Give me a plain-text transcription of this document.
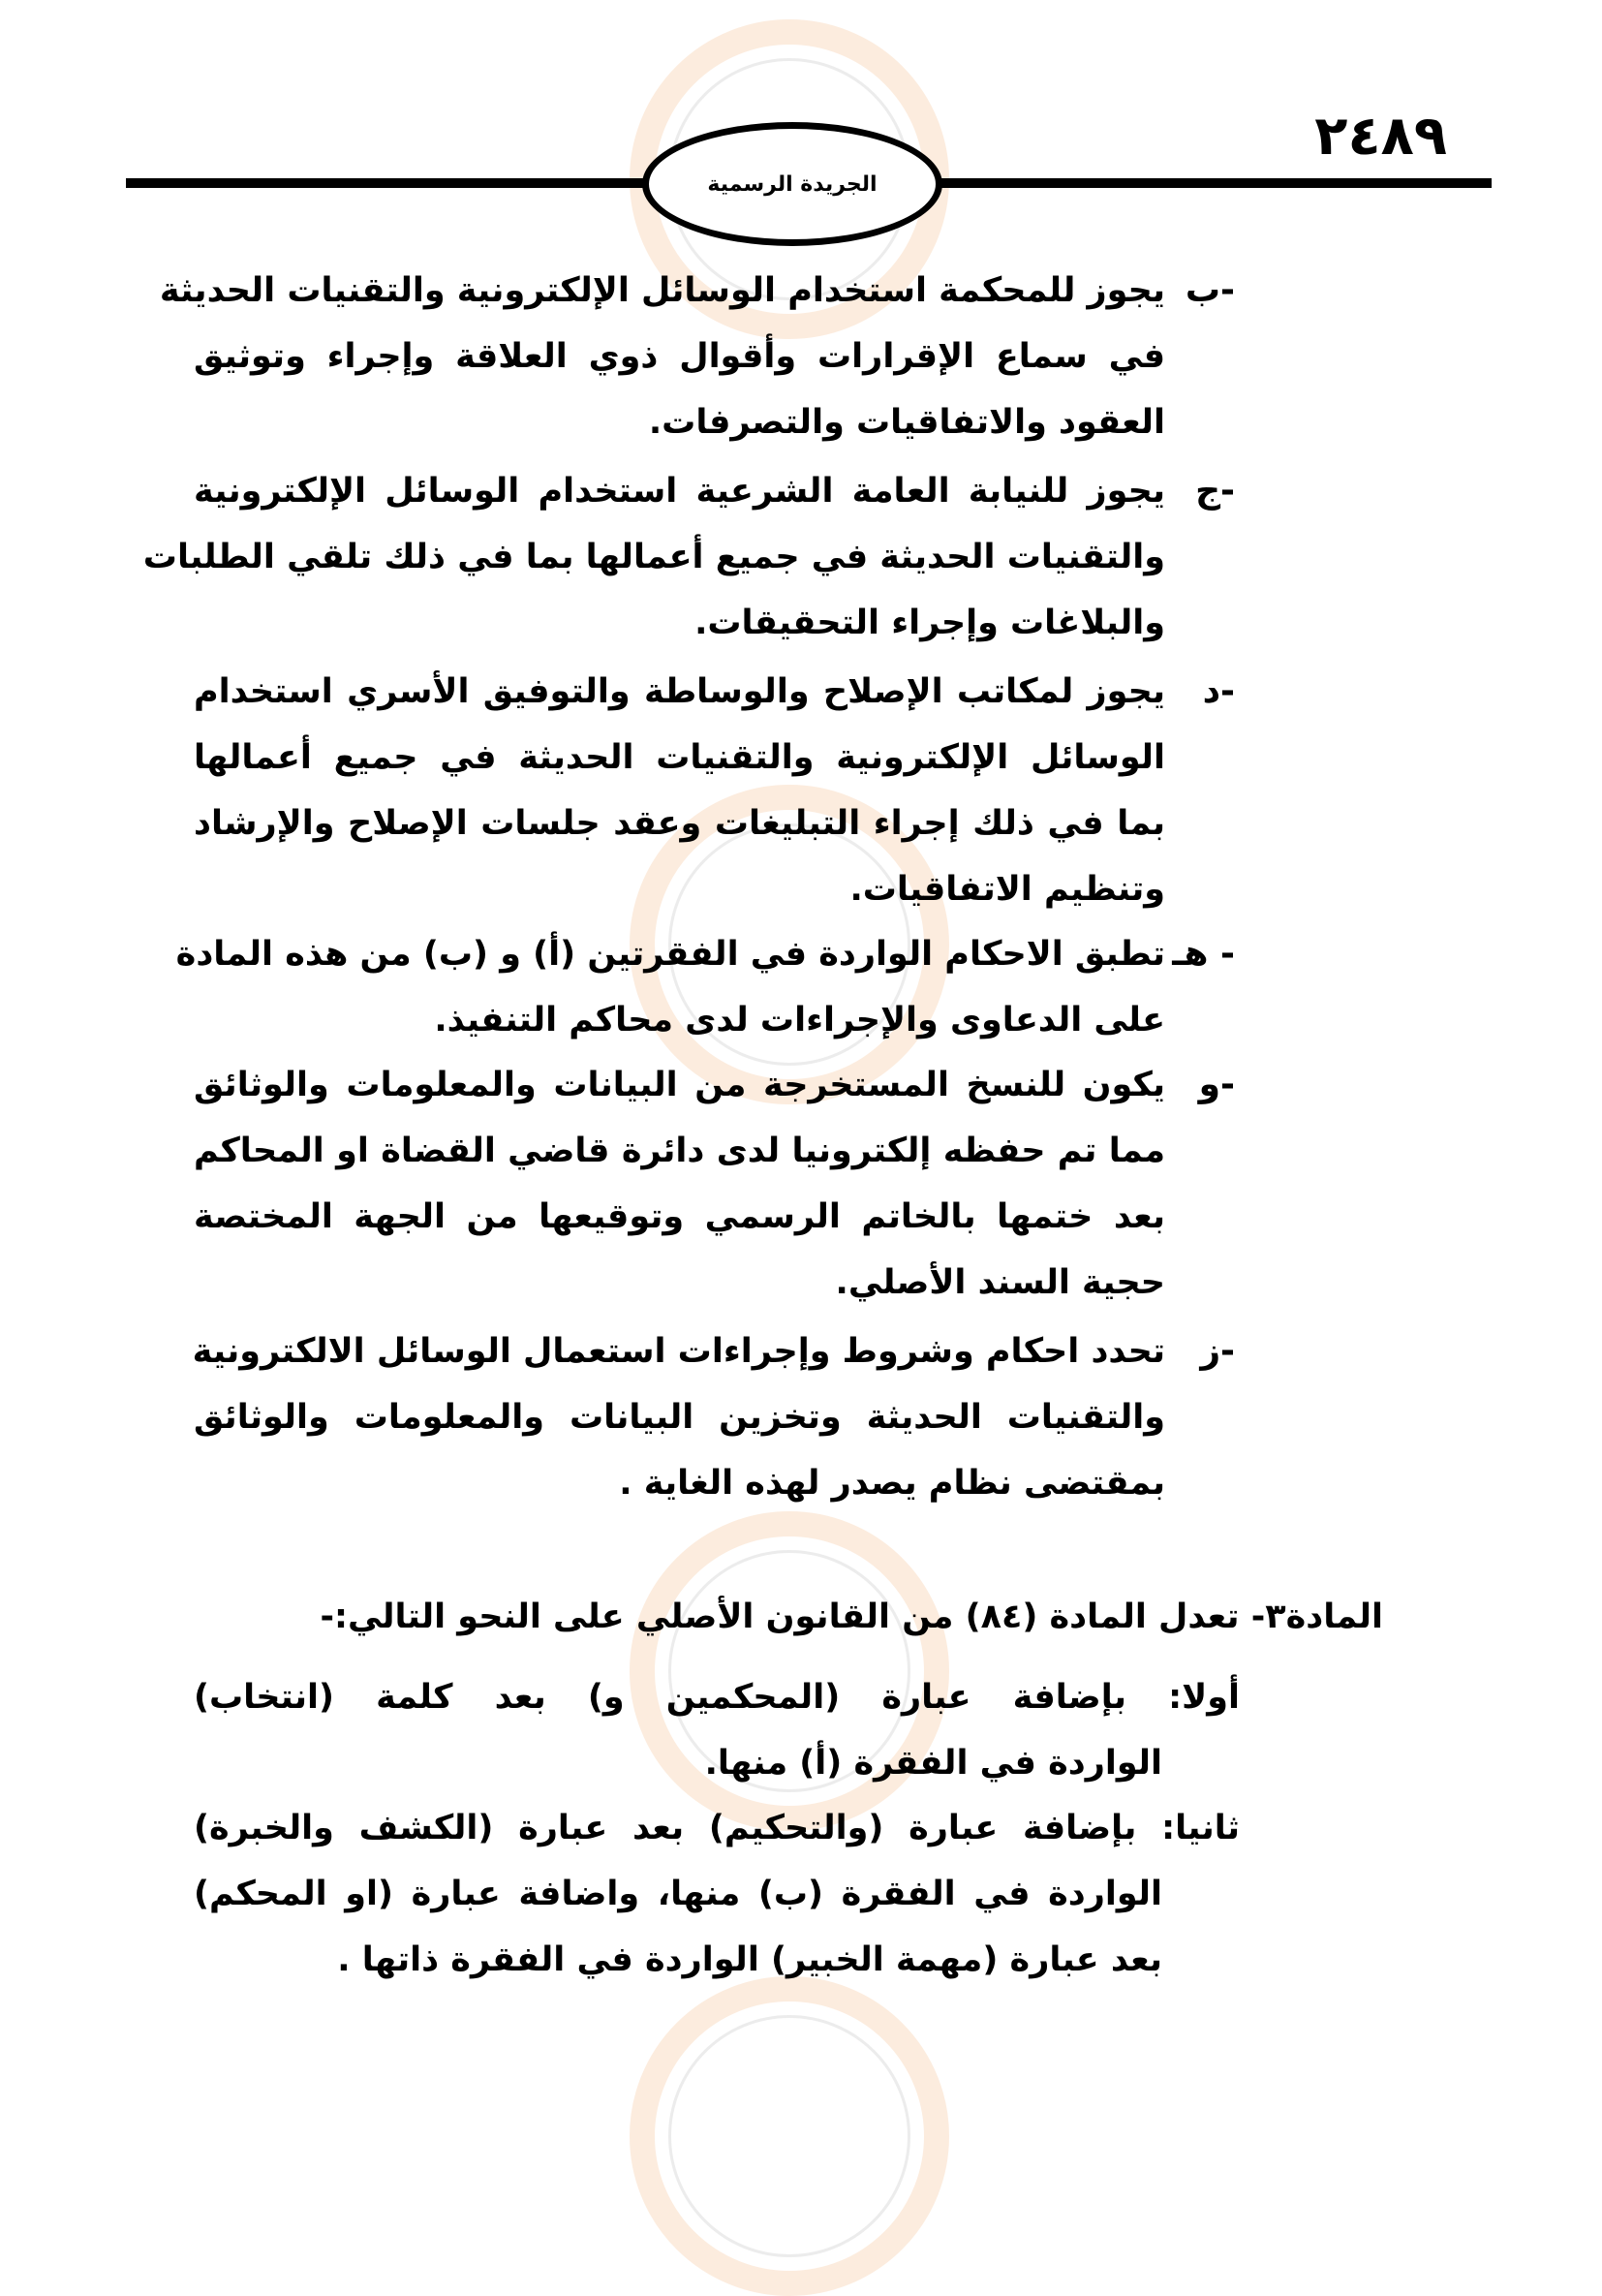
٢٤٨٩
الجريدة الرسمية
ب-
يجوز للمحكمة استخدام الوسائل الإلكترونية والتقنيات الحديثة
في سماع الإقرارات وأقوال ذوي العلاقة وإجراء وتوثيق
العقود والاتفاقيات والتصرفات.
ج-
يجوز للنيابة العامة الشرعية استخدام الوسائل الإلكترونية
والتقنيات الحديثة في جميع أعمالها بما في ذلك تلقي الطلبات
والبلاغات وإجراء التحقيقات.
د-
يجوز لمكاتب الإصلاح والوساطة والتوفيق الأسري استخدام
الوسائل الإلكترونية والتقنيات الحديثة في جميع أعمالها
بما في ذلك إجراء التبليغات وعقد جلسات الإصلاح والإرشاد
وتنظيم الاتفاقيات.
هـ -
تطبق الاحكام الواردة في الفقرتين (أ) و (ب) من هذه المادة
على الدعاوى والإجراءات لدى محاكم التنفيذ.
و-
يكون للنسخ المستخرجة من البيانات والمعلومات والوثائق
مما تم حفظه إلكترونيا لدى دائرة قاضي القضاة او المحاكم
بعد ختمها بالخاتم الرسمي وتوقيعها من الجهة المختصة
حجية السند الأصلي.
ز-
تحدد احكام وشروط وإجراءات استعمال الوسائل الالكترونية
والتقنيات الحديثة وتخزين البيانات والمعلومات والوثائق
بمقتضى نظام يصدر لهذه الغاية .
المادة٣- تعدل المادة (٨٤) من القانون الأصلي على النحو التالي:-
أولا: بإضافة عبارة (المحكمين و) بعد كلمة (انتخاب)
الواردة في الفقرة (أ) منها.
ثانيا: بإضافة عبارة (والتحكيم) بعد عبارة (الكشف والخبرة)
الواردة في الفقرة (ب) منها، واضافة عبارة (او المحكم)
بعد عبارة (مهمة الخبير) الواردة في الفقرة ذاتها .
